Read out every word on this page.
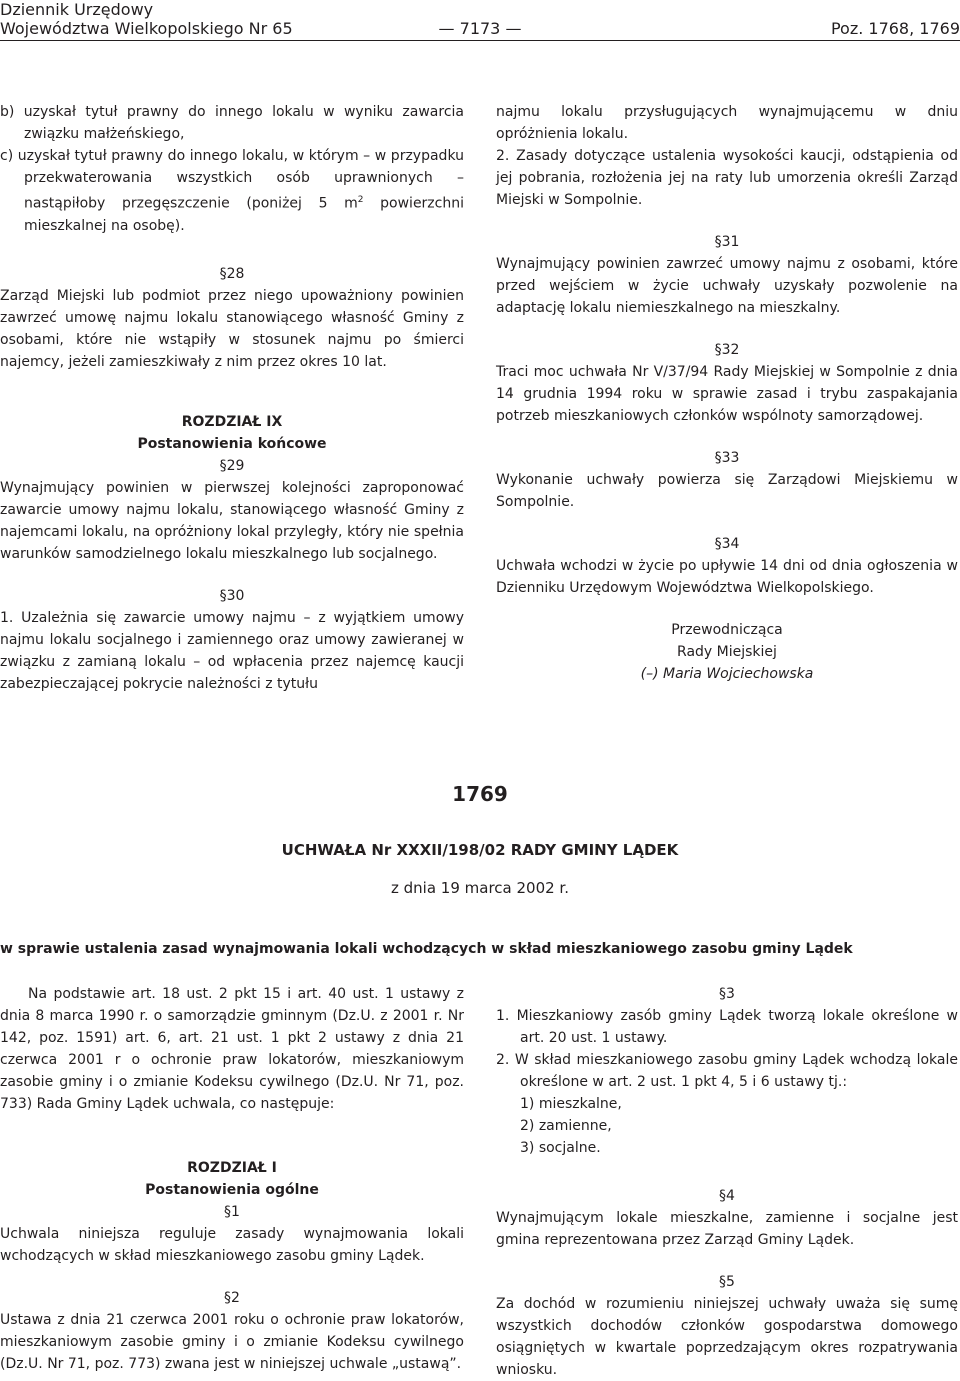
Dziennik Urzędowy
Województwa Wielkopolskiego Nr 65	— 7173 —	Poz. 1768, 1769

b) uzyskał tytuł prawny do innego lokalu w wyniku zawarcia związku małżeńskiego,

c) uzyskał tytuł prawny do innego lokalu, w którym – w przypadku przekwaterowania wszystkich osób uprawnionych – nastąpiłoby przegęszczenie (poniżej 5 $m^2$ powierzchni mieszkalnej na osobę).

§28

Zarząd Miejski lub podmiot przez niego upoważniony powinien zawrzeć umowę najmu lokalu stanowiącego własność Gminy z osobami, które nie wstąpiły w stosunek najmu po śmierci najemcy, jeżeli zamieszkiwały z nim przez okres 10 lat.

ROZDZIAŁ IX

Postanowienia końcowe

§29

Wynajmujący powinien w pierwszej kolejności zaproponować zawarcie umowy najmu lokalu, stanowiącego własność Gminy z najemcami lokalu, na opróżniony lokal przyległy, który nie spełnia warunków samodzielnego lokalu mieszkalnego lub socjalnego.

§30

1. Uzależnia się zawarcie umowy najmu – z wyjątkiem umowy najmu lokalu socjalnego i zamiennego oraz umowy zawieranej w związku z zamianą lokalu – od wpłacenia przez najemcę kaucji zabezpieczającej pokrycie należności z tytułu

najmu lokalu przysługujących wynajmującemu w dniu opróżnienia lokalu.

2. Zasady dotyczące ustalenia wysokości kaucji, odstąpienia od jej pobrania, rozłożenia jej na raty lub umorzenia określi Zarząd Miejski w Sompolnie.

§31

Wynajmujący powinien zawrzeć umowy najmu z osobami, które przed wejściem w życie uchwały uzyskały pozwolenie na adaptację lokalu niemieszkalnego na mieszkalny.

§32

Traci moc uchwała Nr V/37/94 Rady Miejskiej w Sompolnie z dnia 14 grudnia 1994 roku w sprawie zasad i trybu zaspakajania potrzeb mieszkaniowych członków wspólnoty samorządowej.

§33

Wykonanie uchwały powierza się Zarządowi Miejskiemu w Sompolnie.

§34

Uchwała wchodzi w życie po upływie 14 dni od dnia ogłoszenia w Dzienniku Urzędowym Województwa Wielkopolskiego.

Przewodnicząca

Rady Miejskiej

(–) Maria Wojciechowska

1769
UCHWAŁA Nr XXXII/198/02 RADY GMINY LĄDEK
z dnia 19 marca 2002 r.
w sprawie ustalenia zasad wynajmowania lokali wchodzących w skład mieszkaniowego zasobu gminy Lądek

Na podstawie art. 18 ust. 2 pkt 15 i art. 40 ust. 1 ustawy z dnia 8 marca 1990 r. o samorządzie gminnym (Dz.U. z 2001 r. Nr 142, poz. 1591) art. 6, art. 21 ust. 1 pkt 2 ustawy z dnia 21 czerwca 2001 r o ochronie praw lokatorów, mieszkaniowym zasobie gminy i o zmianie Kodeksu cywilnego (Dz.U. Nr 71, poz. 733) Rada Gminy Lądek uchwala, co następuje:

ROZDZIAŁ I

Postanowienia ogólne

§1

Uchwala niniejsza reguluje zasady wynajmowania lokali wchodzących w skład mieszkaniowego zasobu gminy Lądek.

§2

Ustawa z dnia 21 czerwca 2001 roku o ochronie praw lokatorów, mieszkaniowym zasobie gminy i o zmianie Kodeksu cywilnego (Dz.U. Nr 71, poz. 773) zwana jest w niniejszej uchwale „ustawą”.

§3

1. Mieszkaniowy zasób gminy Lądek tworzą lokale określone w art. 20 ust. 1 ustawy.

2. W skład mieszkaniowego zasobu gminy Lądek wchodzą lokale określone w art. 2 ust. 1 pkt 4, 5 i 6 ustawy tj.:

1) mieszkalne,

2) zamienne,

3) socjalne.

§4

Wynajmującym lokale mieszkalne, zamienne i socjalne jest gmina reprezentowana przez Zarząd Gminy Lądek.

§5

Za dochód w rozumieniu niniejszej uchwały uważa się sumę wszystkich dochodów członków gospodarstwa domowego osiągniętych w kwartale poprzedzającym okres rozpatrywania wniosku.
